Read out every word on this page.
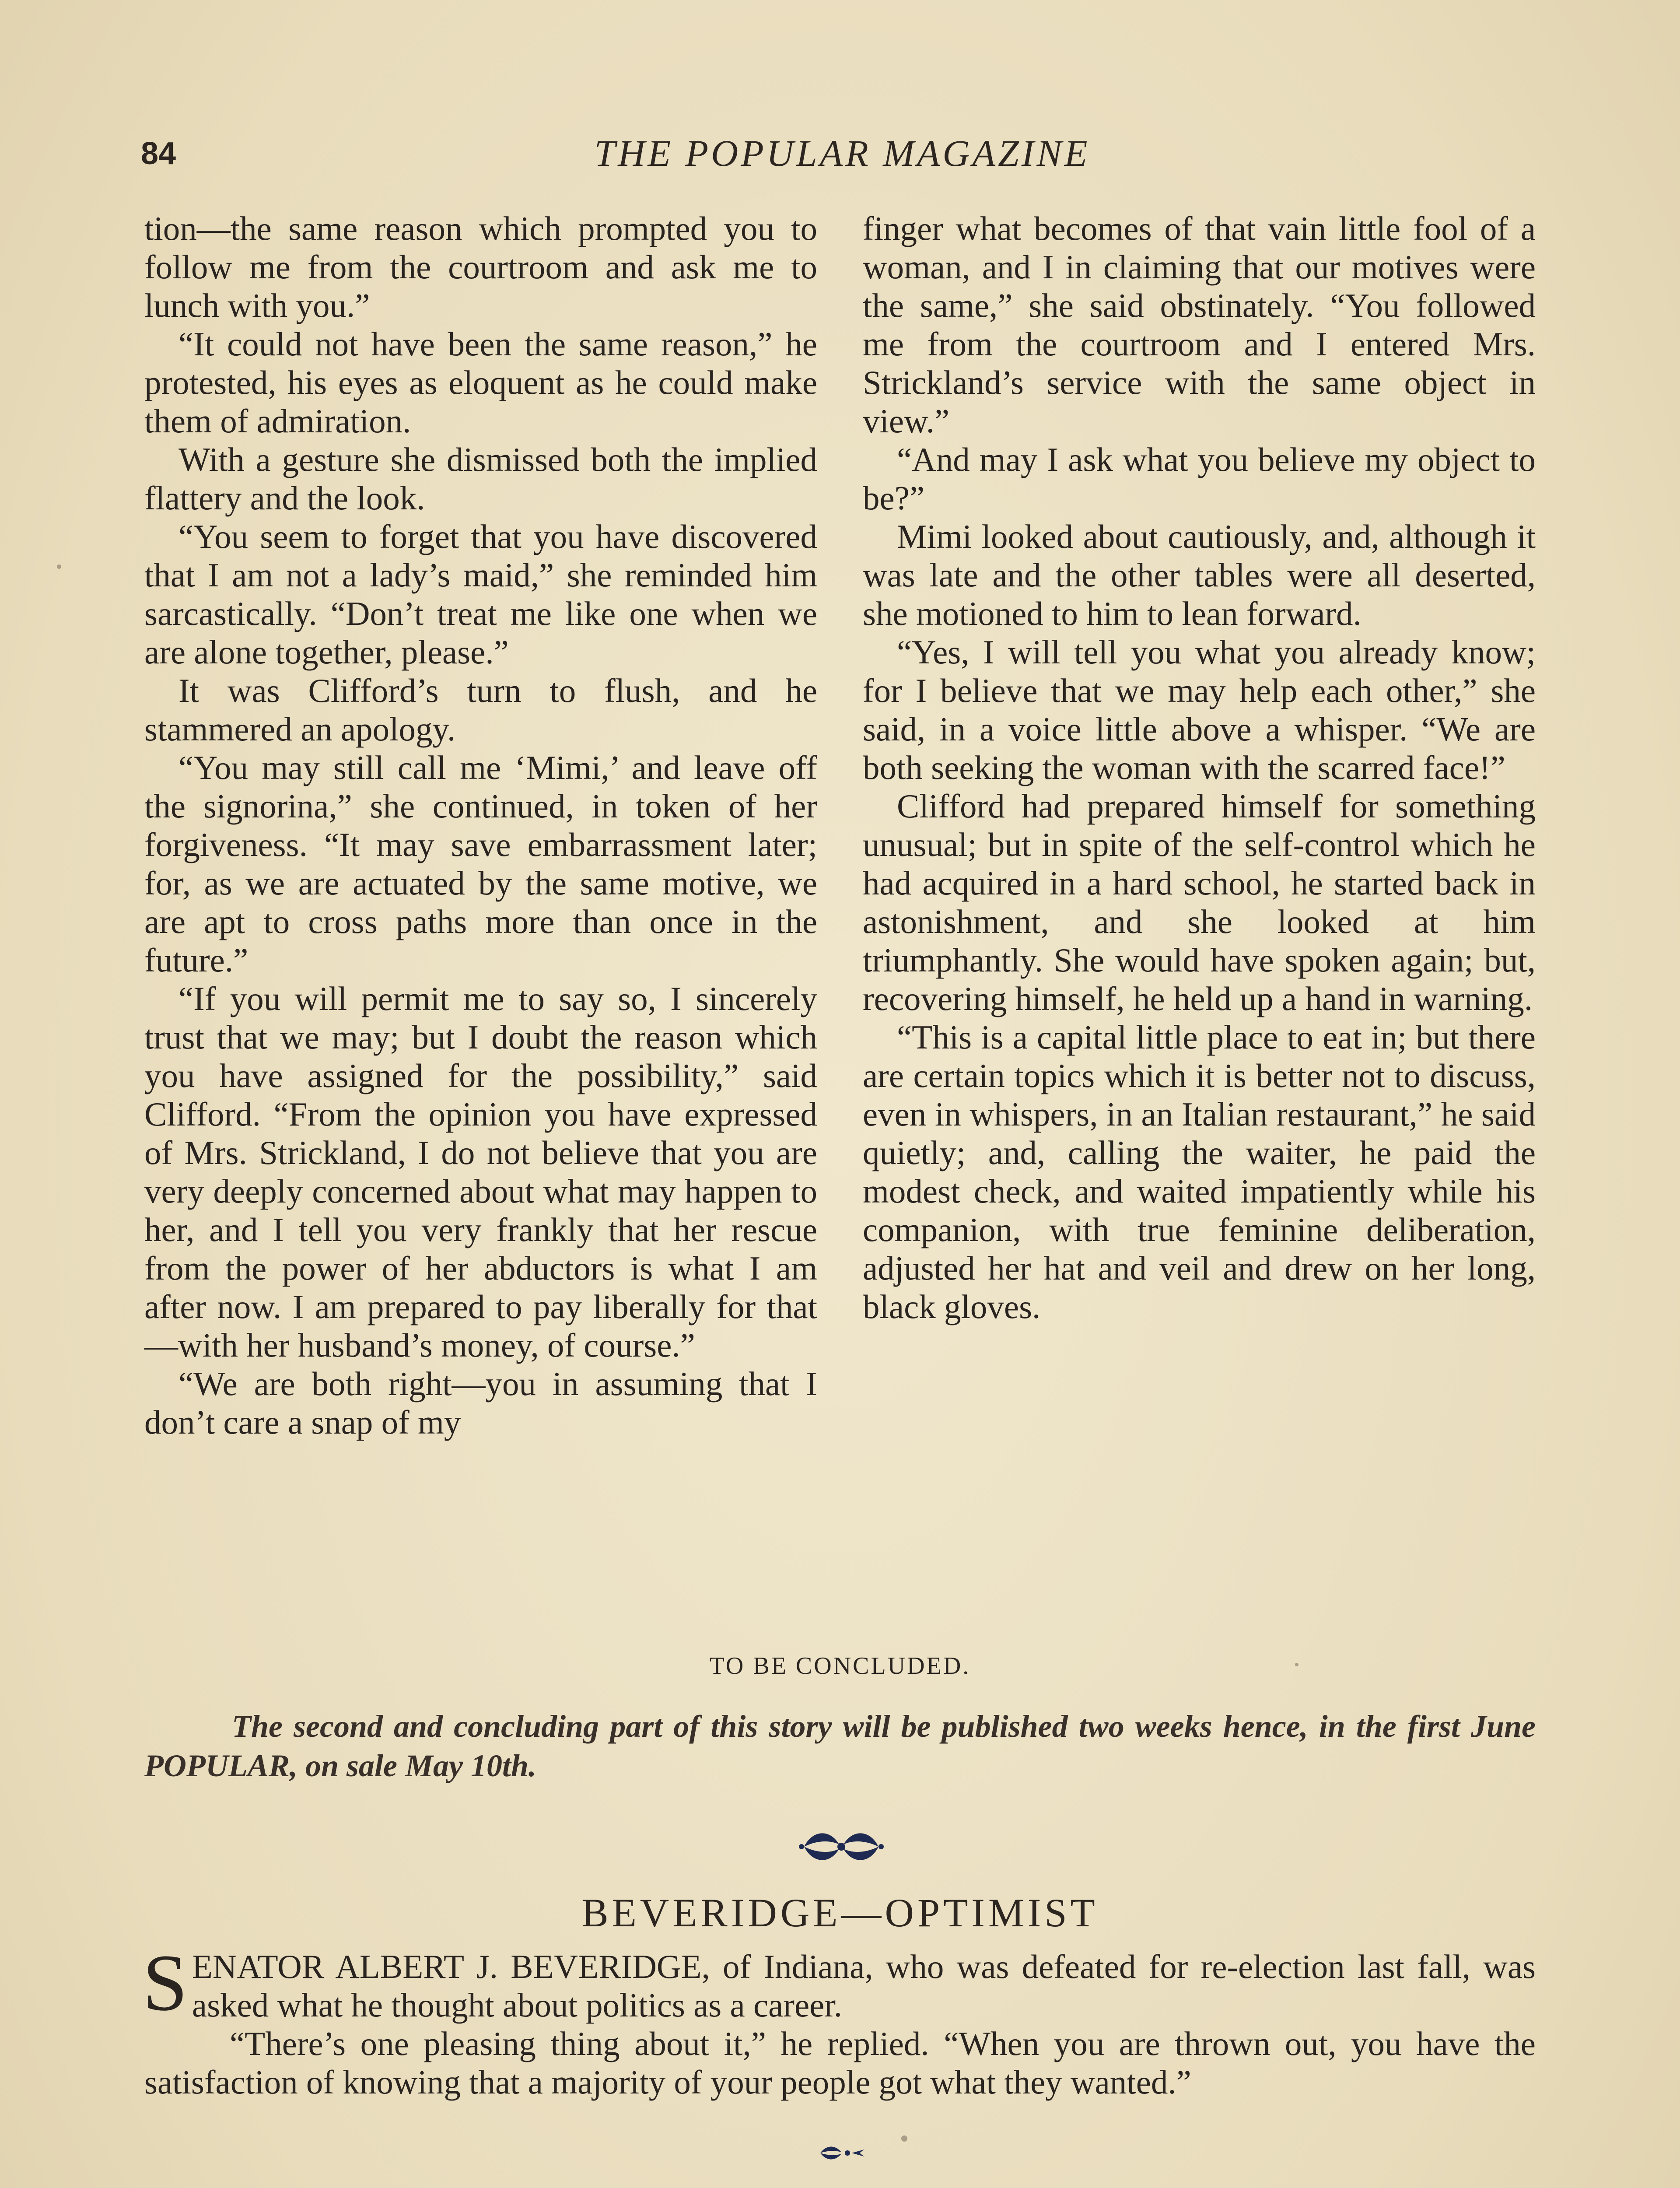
84	THE POPULAR MAGAZINE

tion—the same reason which prompted you to follow me from the courtroom and ask me to lunch with you.”

“It could not have been the same reason,” he protested, his eyes as eloquent as he could make them of admiration.

With a gesture she dismissed both the implied flattery and the look.

“You seem to forget that you have discovered that I am not a lady’s maid,” she reminded him sarcastically. “Don’t treat me like one when we are alone together, please.”

It was Clifford’s turn to flush, and he stammered an apology.

“You may still call me ‘Mimi,’ and leave off the signorina,” she continued, in token of her forgiveness. “It may save embarrassment later; for, as we are actuated by the same motive, we are apt to cross paths more than once in the future.”

“If you will permit me to say so, I sincerely trust that we may; but I doubt the reason which you have assigned for the possibility,” said Clifford. “From the opinion you have expressed of Mrs. Strickland, I do not believe that you are very deeply concerned about what may happen to her, and I tell you very frankly that her rescue from the power of her abductors is what I am after now. I am prepared to pay liberally for that—with her husband’s money, of course.”

“We are both right—you in assuming that I don’t care a snap of my

finger what becomes of that vain little fool of a woman, and I in claiming that our motives were the same,” she said obstinately. “You followed me from the courtroom and I entered Mrs. Strickland’s service with the same object in view.”

“And may I ask what you believe my object to be?”

Mimi looked about cautiously, and, although it was late and the other tables were all deserted, she motioned to him to lean forward.

“Yes, I will tell you what you already know; for I believe that we may help each other,” she said, in a voice little above a whisper. “We are both seeking the woman with the scarred face!”

Clifford had prepared himself for something unusual; but in spite of the self-control which he had acquired in a hard school, he started back in astonishment, and she looked at him triumphantly. She would have spoken again; but, recovering himself, he held up a hand in warning.

“This is a capital little place to eat in; but there are certain topics which it is better not to discuss, even in whispers, in an Italian restaurant,” he said quietly; and, calling the waiter, he paid the modest check, and waited impatiently while his companion, with true feminine deliberation, adjusted her hat and veil and drew on her long, black gloves.

TO BE CONCLUDED.
The second and concluding part of this story will be published two weeks hence, in the first June POPULAR, on sale May 10th.
BEVERIDGE—OPTIMIST

SENATOR ALBERT J. BEVERIDGE, of Indiana, who was defeated for re-election last fall, was asked what he thought about politics as a career.

“There’s one pleasing thing about it,” he replied. “When you are thrown out, you have the satisfaction of knowing that a majority of your people got what they wanted.”
